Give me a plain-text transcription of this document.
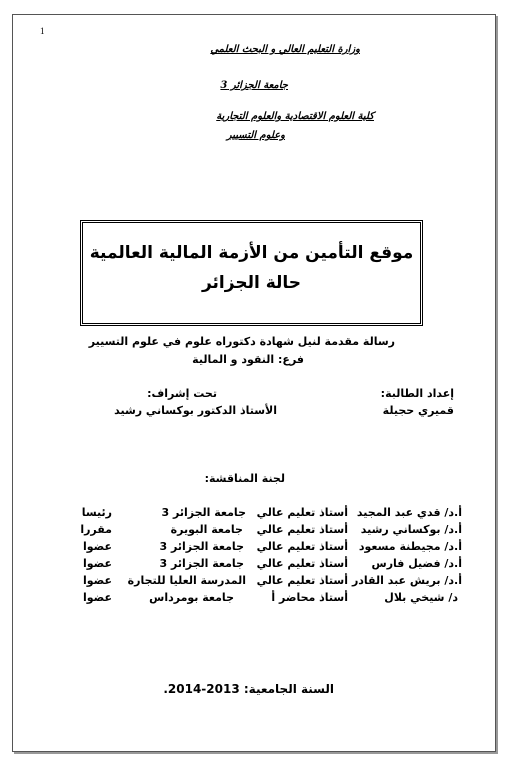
1
وزارة التعليم العالي و البحث العلمي
جامعة الجزائر 3
كلية العلوم الاقتصادية والعلوم التجارية
وعلوم التسيير
موقع التأمين من الأزمة المالية العالمية
حالة الجزائر
رسالة مقدمة لنيل شهادة دكتوراه علوم في علوم التسيير
فرع: النقود و المالية
إعداد الطالبة:
قميري حجيلة
تحت إشراف:
الأستاذ الدكتور بوكساني رشيد
لجنة المناقشة:
أ.د/ قدي عبد المجيد
أستاذ تعليم عالي
جامعة الجزائر 3
رئيسا
أ.د/ بوكساني رشيد
أستاذ تعليم عالي
جامعة البويرة
مقررا
أ.د/ مجيطنة مسعود
أستاذ تعليم عالي
جامعة الجزائر 3
عضوا
أ.د/ فضيل فارس
أستاذ تعليم عالي
جامعة الجزائر 3
عضوا
أ.د/ بريش عبد القادر
أستاذ تعليم عالي
المدرسة العليا للتجارة
عضوا
د/ شيخي بلال
أستاذ محاضر أ
جامعة بومرداس
عضوا
السنة الجامعية: 2013-2014.
